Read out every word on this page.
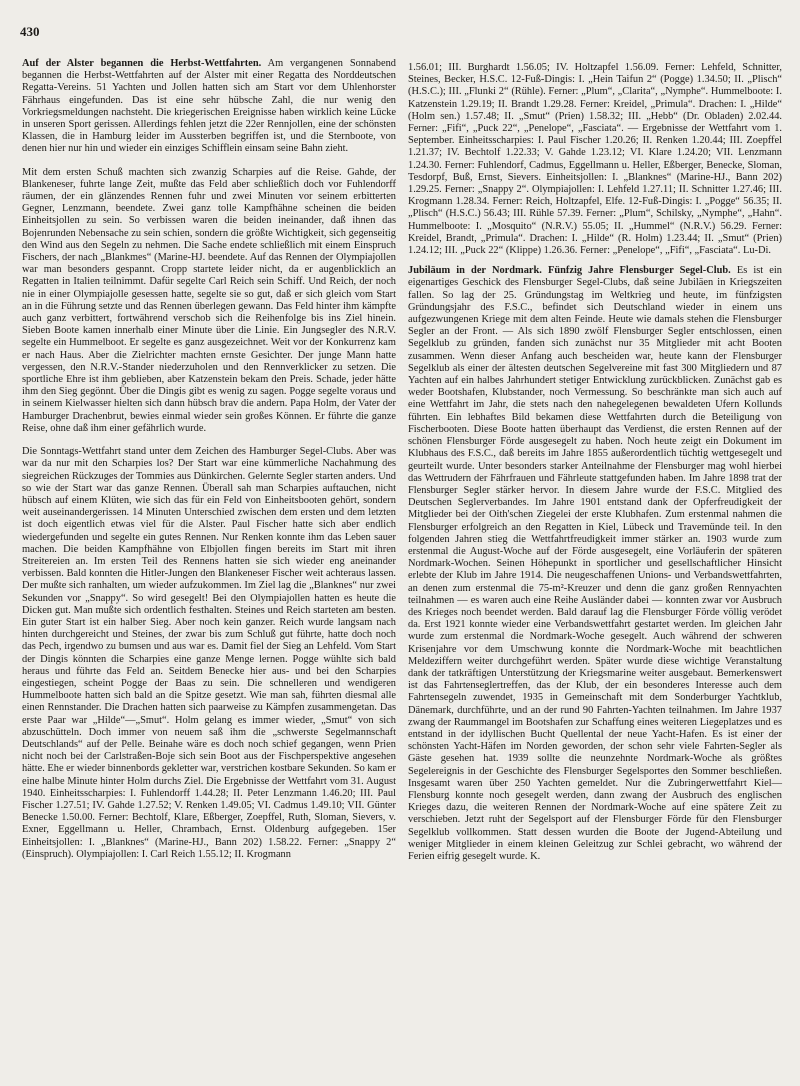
430

Auf der Alster begannen die Herbst-Wettfahrten. Am vergangenen Sonnabend begannen die Herbst-Wettfahrten auf der Alster mit einer Regatta des Norddeutschen Regatta-Vereins. 51 Yachten und Jollen hatten sich am Start vor dem Uhlenhorster Fährhaus eingefunden. Das ist eine sehr hübsche Zahl, die nur wenig den Vorkriegsmeldungen nachsteht. Die kriegerischen Ereignisse haben wirklich keine Lücke in unseren Sport gerissen. Allerdings fehlen jetzt die 22er Rennjollen, eine der schönsten Klassen, die in Hamburg leider im Aussterben begriffen ist, und die Sternboote, von denen hier nur hin und wieder ein einziges Schifflein einsam seine Bahn zieht.

Mit dem ersten Schuß machten sich zwanzig Scharpies auf die Reise. Gahde, der Blankeneser, fuhrte lange Zeit, mußte das Feld aber schließlich doch vor Fuhlendorff räumen, der ein glänzendes Rennen fuhr und zwei Minuten vor seinem erbitterten Gegner, Lenzmann, beendete. Zwei ganz tolle Kampfhähne scheinen die beiden Einheitsjollen zu sein. So verbissen waren die beiden ineinander, daß ihnen das Bojenrunden Nebensache zu sein schien, sondern die größte Wichtigkeit, sich gegenseitig den Wind aus den Segeln zu nehmen. Die Sache endete schließlich mit einem Einspruch Fischers, der nach „Blankmes“ (Marine-HJ. beendete. Auf das Rennen der Olympiajollen war man besonders gespannt. Cropp startete leider nicht, da er augenblicklich an Regatten in Italien teilnimmt. Dafür segelte Carl Reich sein Schiff. Und Reich, der noch nie in einer Olympiajolle gesessen hatte, segelte sie so gut, daß er sich gleich vom Start an in die Führung setzte und das Rennen überlegen gewann. Das Feld hinter ihm kämpfte auch ganz verbittert, fortwährend verschob sich die Reihenfolge bis ins Ziel hinein. Sieben Boote kamen innerhalb einer Minute über die Linie. Ein Jungsegler des N.R.V. segelte ein Hummelboot. Er segelte es ganz ausgezeichnet. Weit vor der Konkurrenz kam er nach Haus. Aber die Zielrichter machten ernste Gesichter. Der junge Mann hatte vergessen, den N.R.V.-Stander niederzuholen und den Rennverklicker zu setzen. Die sportliche Ehre ist ihm geblieben, aber Katzenstein bekam den Preis. Schade, jeder hätte ihm den Sieg gegönnt. Über die Dingis gibt es wenig zu sagen. Pogge segelte voraus und in seinem Kielwasser hielten sich dann hübsch brav die andern. Papa Holm, der Vater der Hamburger Drachenbrut, bewies einmal wieder sein großes Können. Er führte die ganze Reise, ohne daß ihm einer gefährlich wurde.

Die Sonntags-Wettfahrt stand unter dem Zeichen des Hamburger Segel-Clubs. Aber was war da nur mit den Scharpies los? Der Start war eine kümmerliche Nachahmung des siegreichen Rückzuges der Tommies aus Dünkirchen. Gelernte Segler starten anders. Und so wie der Start war das ganze Rennen. Überall sah man Scharpies auftauchen, nicht hübsch auf einem Klüten, wie sich das für ein Feld von Einheitsbooten gehört, sondern weit auseinandergerissen. 14 Minuten Unterschied zwischen dem ersten und dem letzten ist doch eigentlich etwas viel für die Alster. Paul Fischer hatte sich aber endlich wiedergefunden und segelte ein gutes Rennen. Nur Renken konnte ihm das Leben sauer machen. Die beiden Kampfhähne von Elbjollen fingen bereits im Start mit ihren Streitereien an. Im ersten Teil des Rennens hatten sie sich wieder eng aneinander verbissen. Bald konnten die Hitler-Jungen den Blankeneser Fischer weit achteraus lassen. Der mußte sich ranhalten, um wieder aufzukommen. Im Ziel lag die „Blanknes“ nur zwei Sekunden vor „Snappy“. So wird gesegelt! Bei den Olympiajollen hatten es heute die Dicken gut. Man mußte sich ordentlich festhalten. Steines und Reich starteten am besten. Ein guter Start ist ein halber Sieg. Aber noch kein ganzer. Reich wurde langsam nach hinten durchgereicht und Steines, der zwar bis zum Schluß gut führte, hatte doch noch das Pech, irgendwo zu bumsen und aus war es. Damit fiel der Sieg an Lehfeld. Vom Start der Dingis könnten die Scharpies eine ganze Menge lernen. Pogge wühlte sich bald heraus und führte das Feld an. Seitdem Benecke hier aus- und bei den Scharpies eingestiegen, scheint Pogge der Baas zu sein. Die schnelleren und wendigeren Hummelboote hatten sich bald an die Spitze gesetzt. Wie man sah, führten diesmal alle einen Rennstander. Die Drachen hatten sich paarweise zu Kämpfen zusammengetan. Das erste Paar war „Hilde“—„Smut“. Holm gelang es immer wieder, „Smut“ von sich abzuschütteln. Doch immer von neuem saß ihm die „schwerste Segelmannschaft Deutschlands“ auf der Pelle. Beinahe wäre es doch noch schief gegangen, wenn Prien nicht noch bei der Carlstraßen-Boje sich sein Boot aus der Fischperspektive angesehen hätte. Ehe er wieder binnenbords gekletter war, verstrichen kostbare Sekunden. So kam er eine halbe Minute hinter Holm durchs Ziel. Die Ergebnisse der Wettfahrt vom 31. August 1940. Einheitsscharpies: I. Fuhlendorff 1.44.28; II. Peter Lenzmann 1.46.20; III. Paul Fischer 1.27.51; IV. Gahde 1.27.52; V. Renken 1.49.05; VI. Cadmus 1.49.10; VII. Günter Benecke 1.50.00. Ferner: Bechtolf, Klare, Eßberger, Zoepffel, Ruth, Sloman, Sievers, v. Exner, Eggellmann u. Heller, Chrambach, Ernst. Oldenburg aufgegeben. 15er Einheitsjollen: I. „Blanknes“ (Marine-HJ., Bann 202) 1.58.22. Ferner: „Snappy 2“ (Einspruch). Olympiajollen: I. Carl Reich 1.55.12; II. Krogmann

1.56.01; III. Burghardt 1.56.05; IV. Holtzapfel 1.56.09. Ferner: Lehfeld, Schnitter, Steines, Becker, H.S.C. 12-Fuß-Dingis: I. „Hein Taifun 2“ (Pogge) 1.34.50; II. „Plisch“ (H.S.C.); III. „Flunki 2“ (Rühle). Ferner: „Plum“, „Clarita“, „Nymphe“. Hummelboote: I. Katzenstein 1.29.19; II. Brandt 1.29.28. Ferner: Kreidel, „Primula“. Drachen: I. „Hilde“ (Holm sen.) 1.57.48; II. „Smut“ (Prien) 1.58.32; III. „Hebb“ (Dr. Obladen) 2.02.44. Ferner: „Fifi“, „Puck 22“, „Penelope“, „Fasciata“. — Ergebnisse der Wettfahrt vom 1. September. Einheitsscharpies: I. Paul Fischer 1.20.26; II. Renken 1.20.44; III. Zoepffel 1.21.37; IV. Bechtolf 1.22.33; V. Gahde 1.23.12; VI. Klare 1.24.20; VII. Lenzmann 1.24.30. Ferner: Fuhlendorf, Cadmus, Eggellmann u. Heller, Eßberger, Benecke, Sloman, Tesdorpf, Buß, Ernst, Sievers. Einheitsjollen: I. „Blanknes“ (Marine-HJ., Bann 202) 1.29.25. Ferner: „Snappy 2“. Olympiajollen: I. Lehfeld 1.27.11; II. Schnitter 1.27.46; III. Krogmann 1.28.34. Ferner: Reich, Holtzapfel, Elfe. 12-Fuß-Dingis: I. „Pogge“ 56.35; II. „Plisch“ (H.S.C.) 56.43; III. Rühle 57.39. Ferner: „Plum“, Schilsky, „Nymphe“, „Hahn“. Hummelboote: I. „Mosquito“ (N.R.V.) 55.05; II. „Hummel“ (N.R.V.) 56.29. Ferner: Kreidel, Brandt, „Primula“. Drachen: I. „Hilde“ (R. Holm) 1.23.44; II. „Smut“ (Prien) 1.24.12; III. „Puck 22“ (Klippe) 1.26.36. Ferner: „Penelope“, „Fifi“, „Fasciata“. Lu-Di.

Jubiläum in der Nordmark. Fünfzig Jahre Flensburger Segel-Club. Es ist ein eigenartiges Geschick des Flensburger Segel-Clubs, daß seine Jubiläen in Kriegszeiten fallen. So lag der 25. Gründungstag im Weltkrieg und heute, im fünfzigsten Gründungsjahr des F.S.C., befindet sich Deutschland wieder in einem uns aufgezwungenen Kriege mit dem alten Feinde. Heute wie damals stehen die Flensburger Segler an der Front. — Als sich 1890 zwölf Flensburger Segler entschlossen, einen Segelklub zu gründen, fanden sich zunächst nur 35 Mitglieder mit acht Booten zusammen. Wenn dieser Anfang auch bescheiden war, heute kann der Flensburger Segelklub als einer der ältesten deutschen Segelvereine mit fast 300 Mitgliedern und 87 Yachten auf ein halbes Jahrhundert stetiger Entwicklung zurückblicken. Zunächst gab es weder Bootshafen, Klubstander, noch Vermessung. So beschränkte man sich auch auf eine Wettfahrt im Jahr, die stets nach den nahegelegenen bewaldeten Ufern Kollunds führten. Ein lebhaftes Bild bekamen diese Wettfahrten durch die Beteiligung von Fischerbooten. Diese Boote hatten überhaupt das Verdienst, die ersten Rennen auf der schönen Flensburger Förde ausgesegelt zu haben. Noch heute zeigt ein Dokument im Klubhaus des F.S.C., daß bereits im Jahre 1855 außerordentlich tüchtig wettgesegelt und geurteilt wurde. Unter besonders starker Anteilnahme der Flensburger mag wohl hierbei das Wettrudern der Fährfrauen und Fährleute stattgefunden haben. Im Jahre 1898 trat der Flensburger Segler stärker hervor. In diesem Jahre wurde der F.S.C. Mitglied des Deutschen Seglerverbandes. Im Jahre 1901 entstand dank der Opferfreudigkeit der Mitglieder bei der Oith'schen Ziegelei der erste Klubhafen. Zum erstenmal nahmen die Flensburger erfolgreich an den Regatten in Kiel, Lübeck und Travemünde teil. In den folgenden Jahren stieg die Wettfahrtfreudigkeit immer stärker an. 1903 wurde zum erstenmal die August-Woche auf der Förde ausgesegelt, eine Vorläuferin der späteren Nordmark-Wochen. Seinen Höhepunkt in sportlicher und gesellschaftlicher Hinsicht erlebte der Klub im Jahre 1914. Die neugeschaffenen Unions- und Verbandswettfahrten, an denen zum erstenmal die 75-m²-Kreuzer und denn die ganz großen Rennyachten teilnahmen — es waren auch eine Reihe Ausländer dabei — konnten zwar vor Ausbruch des Krieges noch beendet werden. Bald darauf lag die Flensburger Förde völlig verödet da. Erst 1921 konnte wieder eine Verbandswettfahrt gestartet werden. Im gleichen Jahr wurde zum erstenmal die Nordmark-Woche gesegelt. Auch während der schweren Krisenjahre vor dem Umschwung konnte die Nordmark-Woche mit beachtlichen Meldeziffern weiter durchgeführt werden. Später wurde diese wichtige Veranstaltung dank der tatkräftigen Unterstützung der Kriegsmarine weiter ausgebaut. Bemerkenswert ist das Fahrtenseglertreffen, das der Klub, der ein besonderes Interesse auch dem Fahrtensegeln zuwendet, 1935 in Gemeinschaft mit dem Sonderburger Yachtklub, Dänemark, durchführte, und an der rund 90 Fahrten-Yachten teilnahmen. Im Jahre 1937 zwang der Raummangel im Bootshafen zur Schaffung eines weiteren Liegeplatzes und es entstand in der idyllischen Bucht Quellental der neue Yacht-Hafen. Es ist einer der schönsten Yacht-Häfen im Norden geworden, der schon sehr viele Fahrten-Segler als Gäste gesehen hat. 1939 sollte die neunzehnte Nordmark-Woche als größtes Segelereignis in der Geschichte des Flensburger Segelsportes den Sommer beschließen. Insgesamt waren über 250 Yachten gemeldet. Nur die Zubringerwettfahrt Kiel—Flensburg konnte noch gesegelt werden, dann zwang der Ausbruch des englischen Krieges dazu, die weiteren Rennen der Nordmark-Woche auf eine spätere Zeit zu verschieben. Jetzt ruht der Segelsport auf der Flensburger Förde für den Flensburger Segelklub vollkommen. Statt dessen wurden die Boote der Jugend-Abteilung und weniger Mitglieder in einem kleinen Geleitzug zur Schlei gebracht, wo während der Ferien eifrig gesegelt wurde. K.
